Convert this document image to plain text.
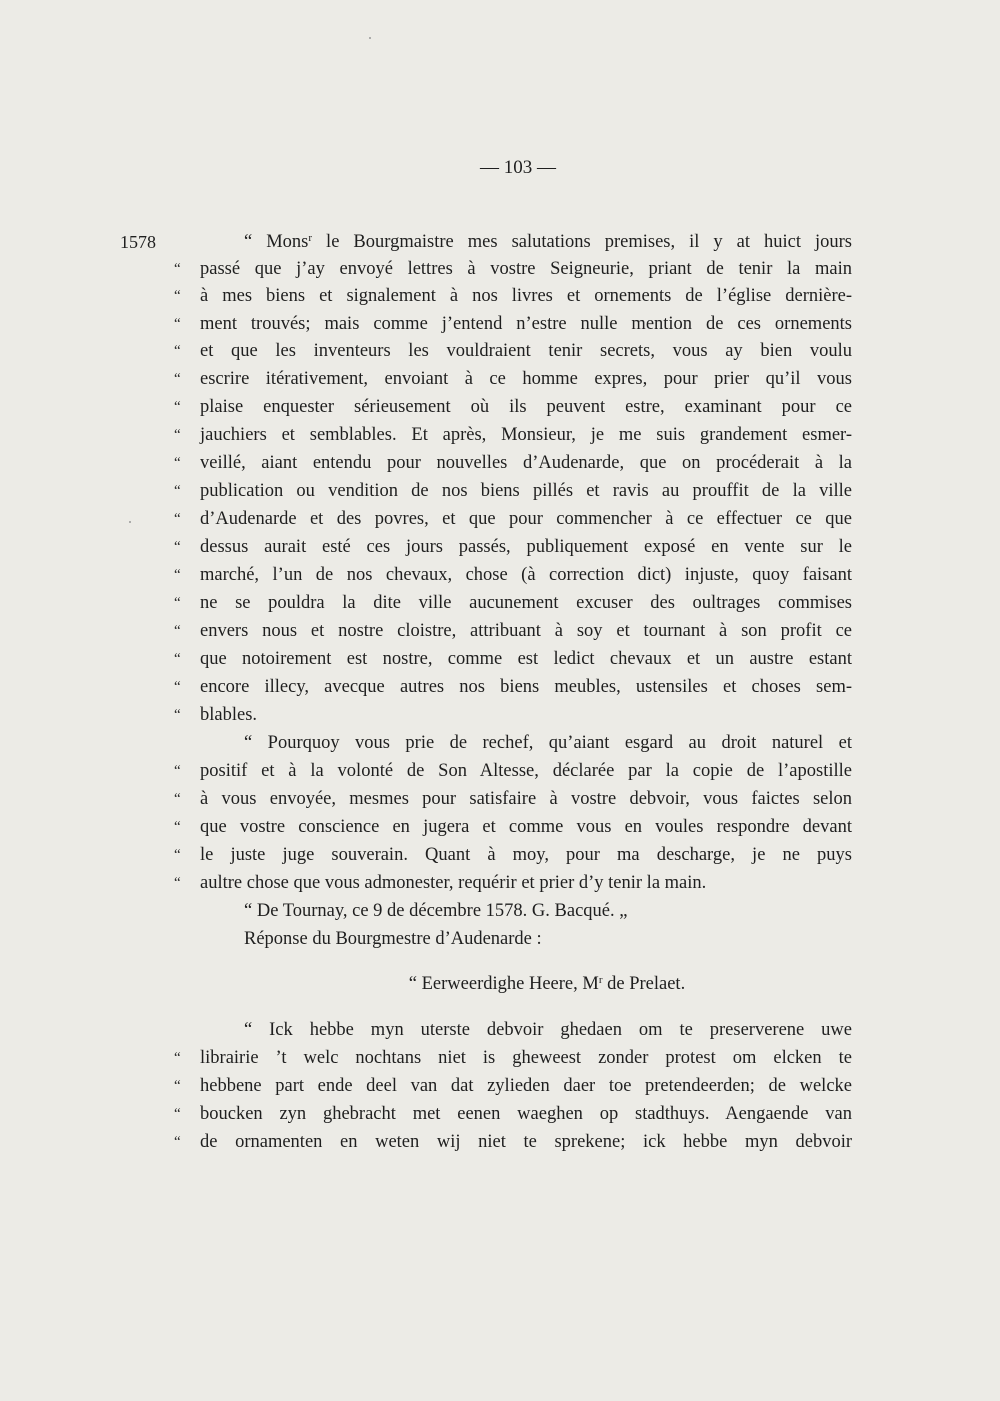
— 103 —
1578	“ Mons$^r$ le Bourgmaistre mes salutations premises, il y at huict jours
“ passé que j’ay envoyé lettres à vostre Seigneurie, priant de tenir la main
“ à mes biens et signalement à nos livres et ornements de l’église dernière-
“ ment trouvés; mais comme j’entend n’estre nulle mention de ces ornements
“ et que les inventeurs les vouldraient tenir secrets, vous ay bien voulu
“ escrire itérativement, envoiant à ce homme expres, pour prier qu’il vous
“ plaise enquester sérieusement où ils peuvent estre, examinant pour ce
“ jauchiers et semblables. Et après, Monsieur, je me suis grandement esmer-
“ veillé, aiant entendu pour nouvelles d’Audenarde, que on procéderait à la
“ publication ou vendition de nos biens pillés et ravis au prouffit de la ville
“ d’Audenarde et des povres, et que pour commencher à ce effectuer ce que
“ dessus aurait esté ces jours passés, publiquement exposé en vente sur le
“ marché, l’un de nos chevaux, chose (à correction dict) injuste, quoy faisant
“ ne se pouldra la dite ville aucunement excuser des oultrages commises
“ envers nous et nostre cloistre, attribuant à soy et tournant à son profit ce
“ que notoirement est nostre, comme est ledict chevaux et un austre estant
“ encore illecy, avecque autres nos biens meubles, ustensiles et choses sem-
“ blables.
“ Pourquoy vous prie de rechef, qu’aiant esgard au droit naturel et
“ positif et à la volonté de Son Altesse, déclarée par la copie de l’apostille
“ à vous envoyée, mesmes pour satisfaire à vostre debvoir, vous faictes selon
“ que vostre conscience en jugera et comme vous en voules respondre devant
“ le juste juge souverain. Quant à moy, pour ma descharge, je ne puys
“ aultre chose que vous admonester, requérir et prier d’y tenir la main.
“ De Tournay, ce 9 de décembre 1578. G. Bacqué. „
Réponse du Bourgmestre d’Audenarde :
“ Eerweerdighe Heere, $M^r$ de Prelaet.
“ Ick hebbe myn uterste debvoir ghedaen om te preserverene uwe
“ librairie ’t welc nochtans niet is gheweest zonder protest om elcken te
“ hebbene part ende deel van dat zylieden daer toe pretendeerden; de welcke
“ boucken zyn ghebracht met eenen waeghen op stadthuys. Aengaende van
“ de ornamenten en weten wij niet te sprekene; ick hebbe myn debvoir
